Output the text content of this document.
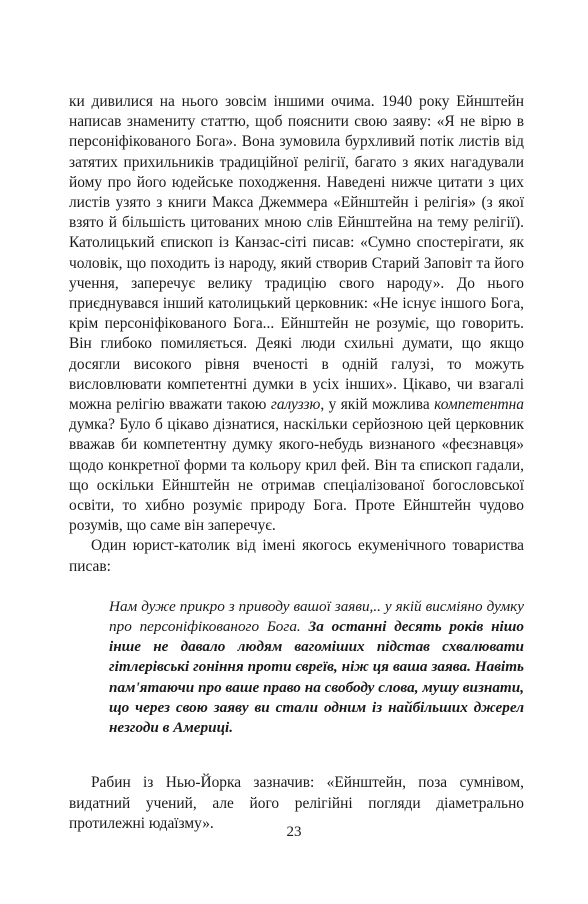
ки дивилися на нього зовсім іншими очима. 1940 року Ейнштейн написав знамениту статтю, щоб пояснити свою заяву: «Я не вірю в персоніфікованого Бога». Вона зумовила бурхливий потік листів від затятих прихильників традиційної релігії, багато з яких нагадували йому про його юдейське походження. Наведені нижче цитати з цих листів узято з книги Макса Джеммера «Ейнштейн і релігія» (з якої взято й більшість цитованих мною слів Ейнштейна на тему релігії). Католицький єпископ із Канзас-сіті писав: «Сумно спостерігати, як чоловік, що походить із народу, який створив Старий Заповіт та його учення, заперечує велику традицію свого народу». До нього приєднувався інший католицький церковник: «Не існує іншого Бога, крім персоніфікованого Бога... Ейнштейн не розуміє, що говорить. Він глибоко помиляється. Деякі люди схильні думати, що якщо досягли високого рівня вченості в одній галузі, то можуть висловлювати компетентні думки в усіх інших». Цікаво, чи взагалі можна релігію вважати такою галуззю, у якій можлива компетентна думка? Було б цікаво дізнатися, наскільки серйозною цей церковник вважав би компетентну думку якого-небудь визнаного «феєзнавця» щодо конкретної форми та кольору крил фей. Він та єпископ гадали, що оскільки Ейнштейн не отримав спеціалізованої богословської освіти, то хибно розуміє природу Бога. Проте Ейнштейн чудово розумів, що саме він заперечує.

Один юрист-католик від імені якогось екуменічного товариства писав:

Нам дуже прикро з приводу вашої заяви,.. у якій висміяно думку про персоніфікованого Бога. За останні десять років нішо інше не давало людям вагоміших підстав схвалювати гітлерівські гоніння проти євреїв, ніж ця ваша заява. Навіть пам'ятаючи про ваше право на свободу слова, мушу визнати, що через свою заяву ви стали одним із найбільших джерел незгоди в Америці.

Рабин із Нью-Йорка зазначив: «Ейнштейн, поза сумнівом, видатний учений, але його релігійні погляди діаметрально протилежні юдаїзму».

23
